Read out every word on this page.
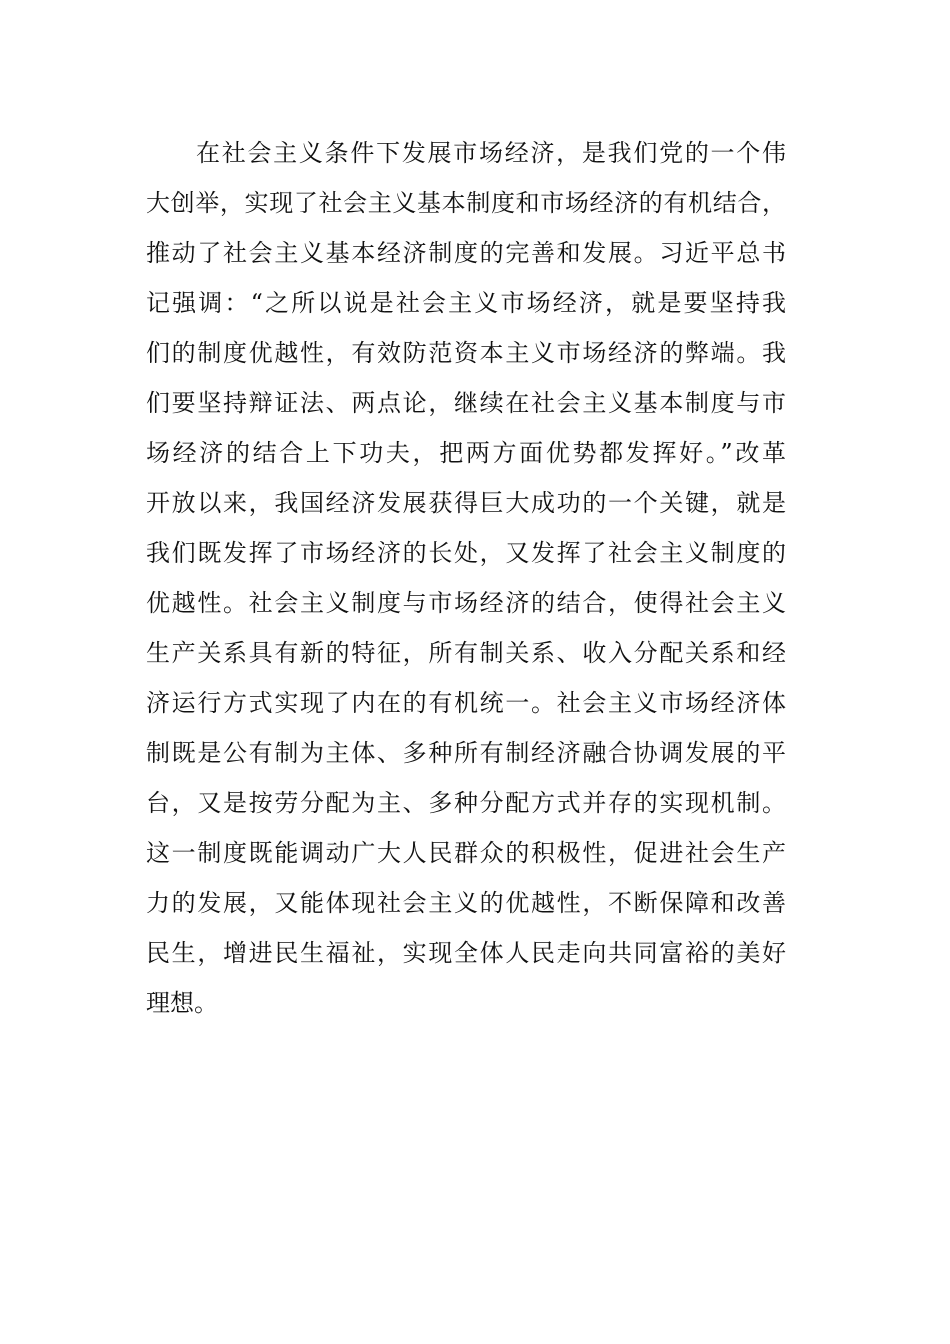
在社会主义条件下发展市场经济，是我们党的一个伟

大创举，实现了社会主义基本制度和市场经济的有机结合，

推动了社会主义基本经济制度的完善和发展。习近平总书

记强调：“之所以说是社会主义市场经济，就是要坚持我

们的制度优越性，有效防范资本主义市场经济的弊端。我

们要坚持辩证法、两点论，继续在社会主义基本制度与市

场经济的结合上下功夫，把两方面优势都发挥好。”改革

开放以来，我国经济发展获得巨大成功的一个关键，就是

我们既发挥了市场经济的长处，又发挥了社会主义制度的

优越性。社会主义制度与市场经济的结合，使得社会主义

生产关系具有新的特征，所有制关系、收入分配关系和经

济运行方式实现了内在的有机统一。社会主义市场经济体

制既是公有制为主体、多种所有制经济融合协调发展的平

台，又是按劳分配为主、多种分配方式并存的实现机制。

这一制度既能调动广大人民群众的积极性，促进社会生产

力的发展，又能体现社会主义的优越性，不断保障和改善

民生，增进民生福祉，实现全体人民走向共同富裕的美好

理想。
